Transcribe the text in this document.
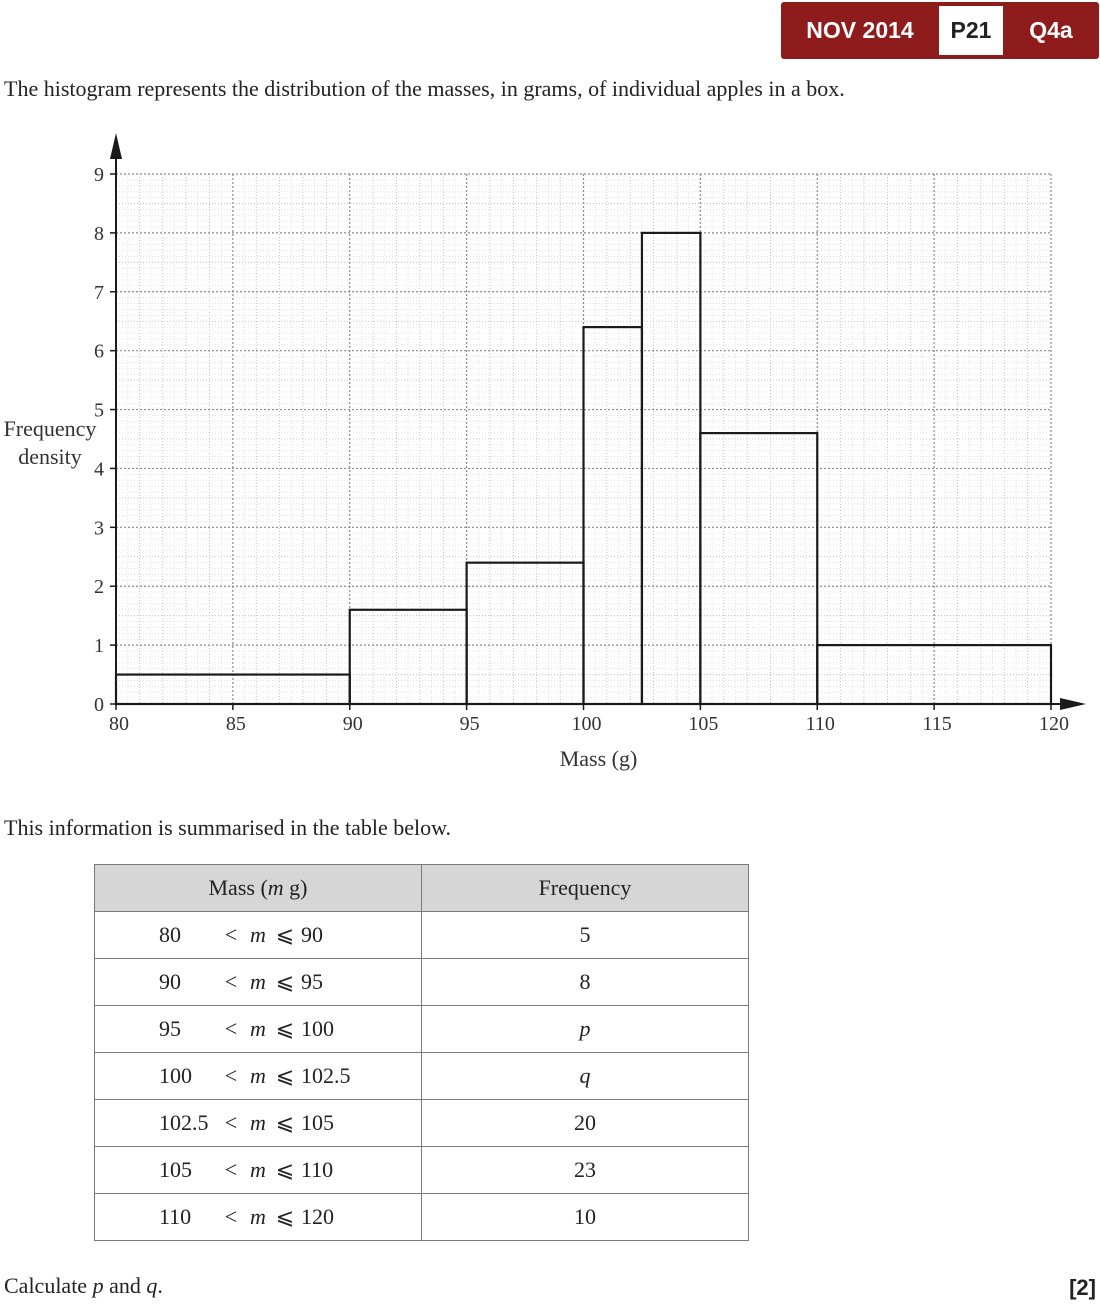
NOV 2014	P21	Q4a
The histogram represents the distribution of the masses, in grams, of individual apples in a box.
0
1
2
3
4
5
6
7
8
9
80	85	90	95	100	105	110	115	120
Mass (g)
Frequency
density
This information is summarised in the table below.
Mass (m g)	Frequency

80 < m ⩽ 90	5

90 < m ⩽ 95	8

95 < m ⩽ 100	p

100 < m ⩽ 102.5	q

102.5 < m ⩽ 105	20

105 < m ⩽ 110	23

110 < m ⩽ 120	10
Calculate p and q.	[2]
